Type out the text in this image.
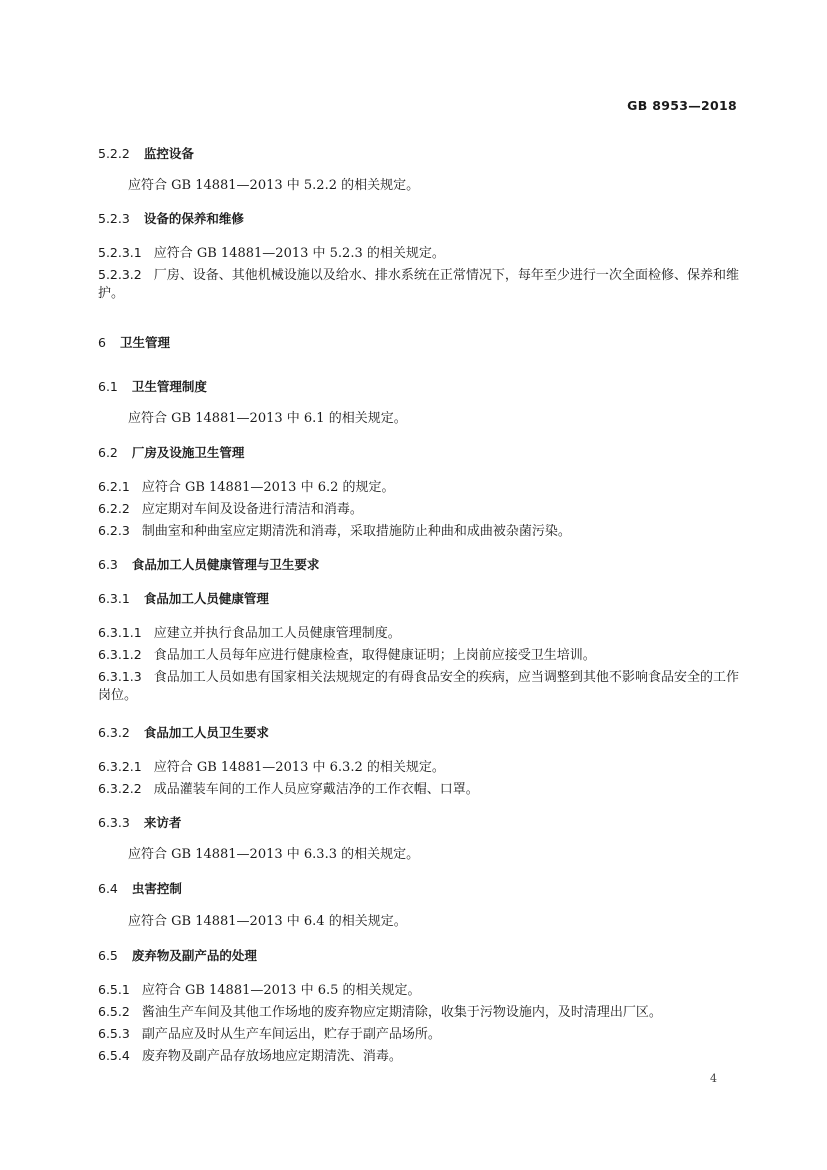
GB 8953—2018
5.2.2 监控设备
应符合 GB 14881—2013 中 5.2.2 的相关规定。
5.2.3 设备的保养和维修
5.2.3.1 应符合 GB 14881—2013 中 5.2.3 的相关规定。
5.2.3.2 厂房、设备、其他机械设施以及给水、排水系统在正常情况下，每年至少进行一次全面检修、保养和维护。
6 卫生管理
6.1 卫生管理制度
应符合 GB 14881—2013 中 6.1 的相关规定。
6.2 厂房及设施卫生管理
6.2.1 应符合 GB 14881—2013 中 6.2 的规定。
6.2.2 应定期对车间及设备进行清洁和消毒。
6.2.3 制曲室和种曲室应定期清洗和消毒，采取措施防止种曲和成曲被杂菌污染。
6.3 食品加工人员健康管理与卫生要求
6.3.1 食品加工人员健康管理
6.3.1.1 应建立并执行食品加工人员健康管理制度。
6.3.1.2 食品加工人员每年应进行健康检查，取得健康证明；上岗前应接受卫生培训。
6.3.1.3 食品加工人员如患有国家相关法规规定的有碍食品安全的疾病，应当调整到其他不影响食品安全的工作岗位。
6.3.2 食品加工人员卫生要求
6.3.2.1 应符合 GB 14881—2013 中 6.3.2 的相关规定。
6.3.2.2 成品灌装车间的工作人员应穿戴洁净的工作衣帽、口罩。
6.3.3 来访者
应符合 GB 14881—2013 中 6.3.3 的相关规定。
6.4 虫害控制
应符合 GB 14881—2013 中 6.4 的相关规定。
6.5 废弃物及副产品的处理
6.5.1 应符合 GB 14881—2013 中 6.5 的相关规定。
6.5.2 酱油生产车间及其他工作场地的废弃物应定期清除，收集于污物设施内，及时清理出厂区。
6.5.3 副产品应及时从生产车间运出，贮存于副产品场所。
6.5.4 废弃物及副产品存放场地应定期清洗、消毒。
4
